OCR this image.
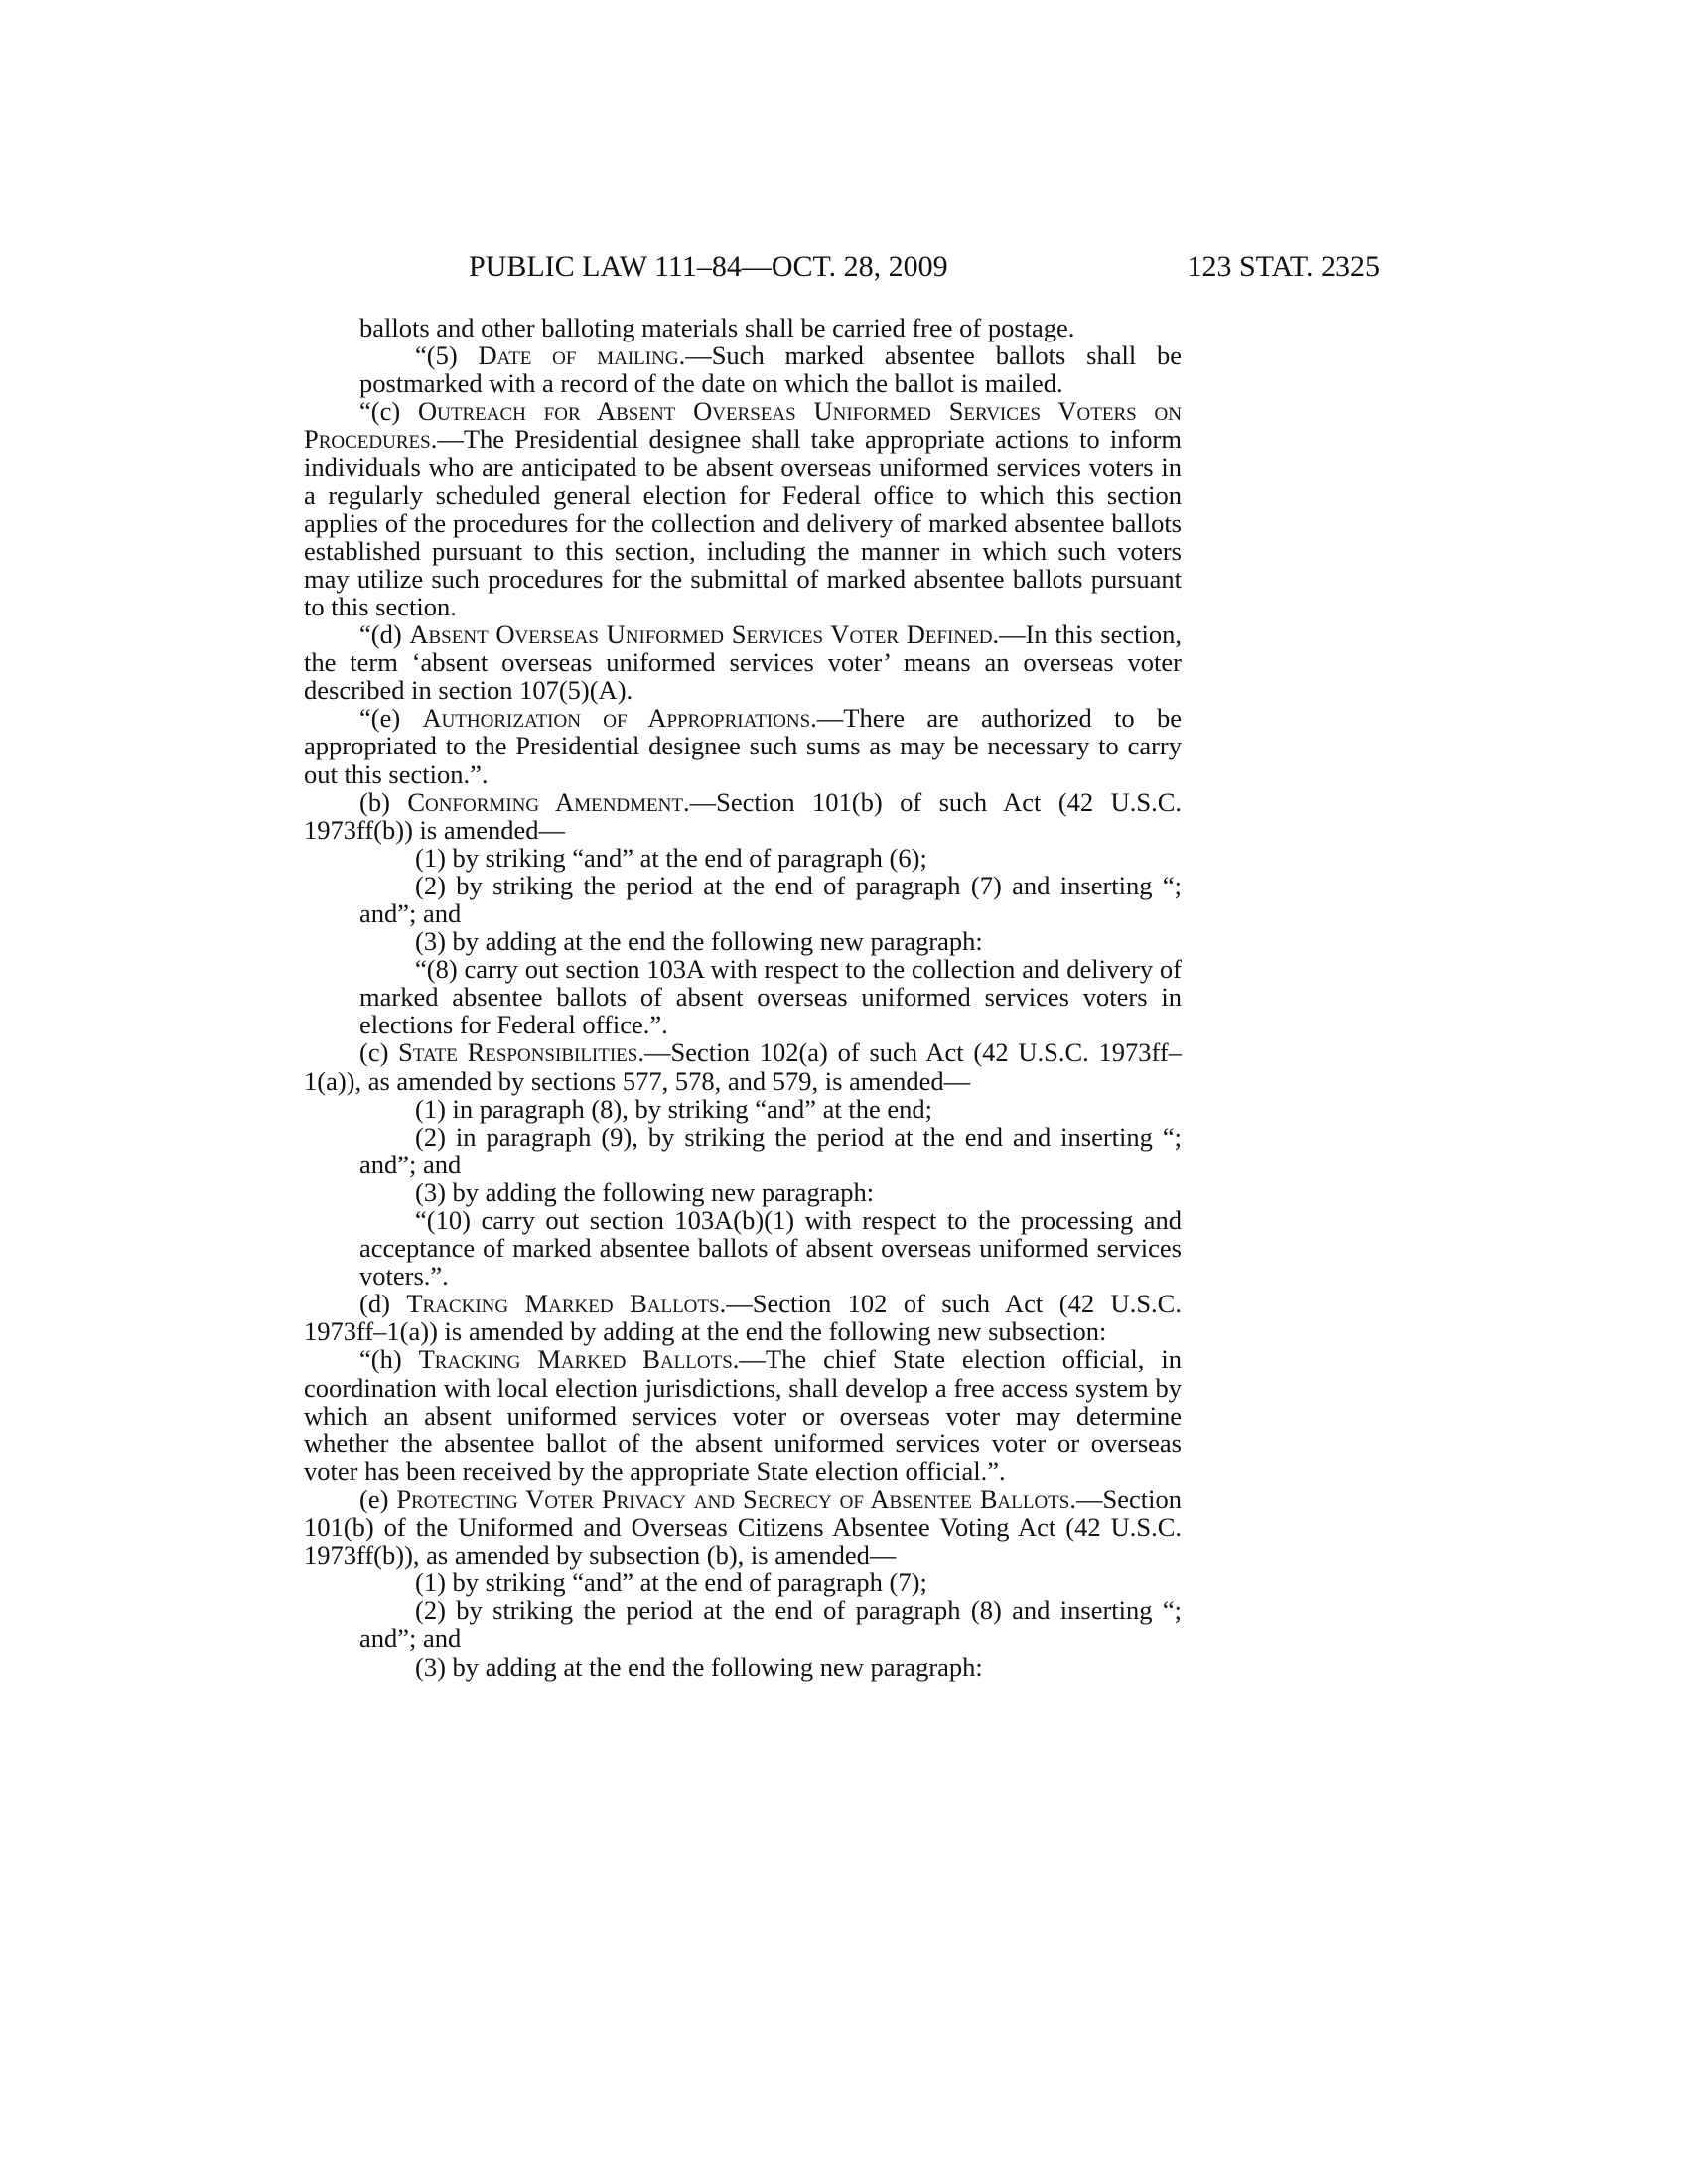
PUBLIC LAW 111–84—OCT. 28, 2009	123 STAT. 2325
ballots and other balloting materials shall be carried free of postage.
“(5) Date of mailing.—Such marked absentee ballots shall be postmarked with a record of the date on which the ballot is mailed.
“(c) Outreach for Absent Overseas Uniformed Services Voters on Procedures.—The Presidential designee shall take appropriate actions to inform individuals who are anticipated to be absent overseas uniformed services voters in a regularly scheduled general election for Federal office to which this section applies of the procedures for the collection and delivery of marked absentee ballots established pursuant to this section, including the manner in which such voters may utilize such procedures for the submittal of marked absentee ballots pursuant to this section.
“(d) Absent Overseas Uniformed Services Voter Defined.—In this section, the term ‘absent overseas uniformed services voter’ means an overseas voter described in section 107(5)(A).
“(e) Authorization of Appropriations.—There are authorized to be appropriated to the Presidential designee such sums as may be necessary to carry out this section.”.
(b) Conforming Amendment.—Section 101(b) of such Act (42 U.S.C. 1973ff(b)) is amended—
(1) by striking “and” at the end of paragraph (6);
(2) by striking the period at the end of paragraph (7) and inserting “; and”; and
(3) by adding at the end the following new paragraph:
“(8) carry out section 103A with respect to the collection and delivery of marked absentee ballots of absent overseas uniformed services voters in elections for Federal office.”.
(c) State Responsibilities.—Section 102(a) of such Act (42 U.S.C. 1973ff–1(a)), as amended by sections 577, 578, and 579, is amended—
(1) in paragraph (8), by striking “and” at the end;
(2) in paragraph (9), by striking the period at the end and inserting “; and”; and
(3) by adding the following new paragraph:
“(10) carry out section 103A(b)(1) with respect to the processing and acceptance of marked absentee ballots of absent overseas uniformed services voters.”.
(d) Tracking Marked Ballots.—Section 102 of such Act (42 U.S.C. 1973ff–1(a)) is amended by adding at the end the following new subsection:
“(h) Tracking Marked Ballots.—The chief State election official, in coordination with local election jurisdictions, shall develop a free access system by which an absent uniformed services voter or overseas voter may determine whether the absentee ballot of the absent uniformed services voter or overseas voter has been received by the appropriate State election official.”.
(e) Protecting Voter Privacy and Secrecy of Absentee Ballots.—Section 101(b) of the Uniformed and Overseas Citizens Absentee Voting Act (42 U.S.C. 1973ff(b)), as amended by subsection (b), is amended—
(1) by striking “and” at the end of paragraph (7);
(2) by striking the period at the end of paragraph (8) and inserting “; and”; and
(3) by adding at the end the following new paragraph:
